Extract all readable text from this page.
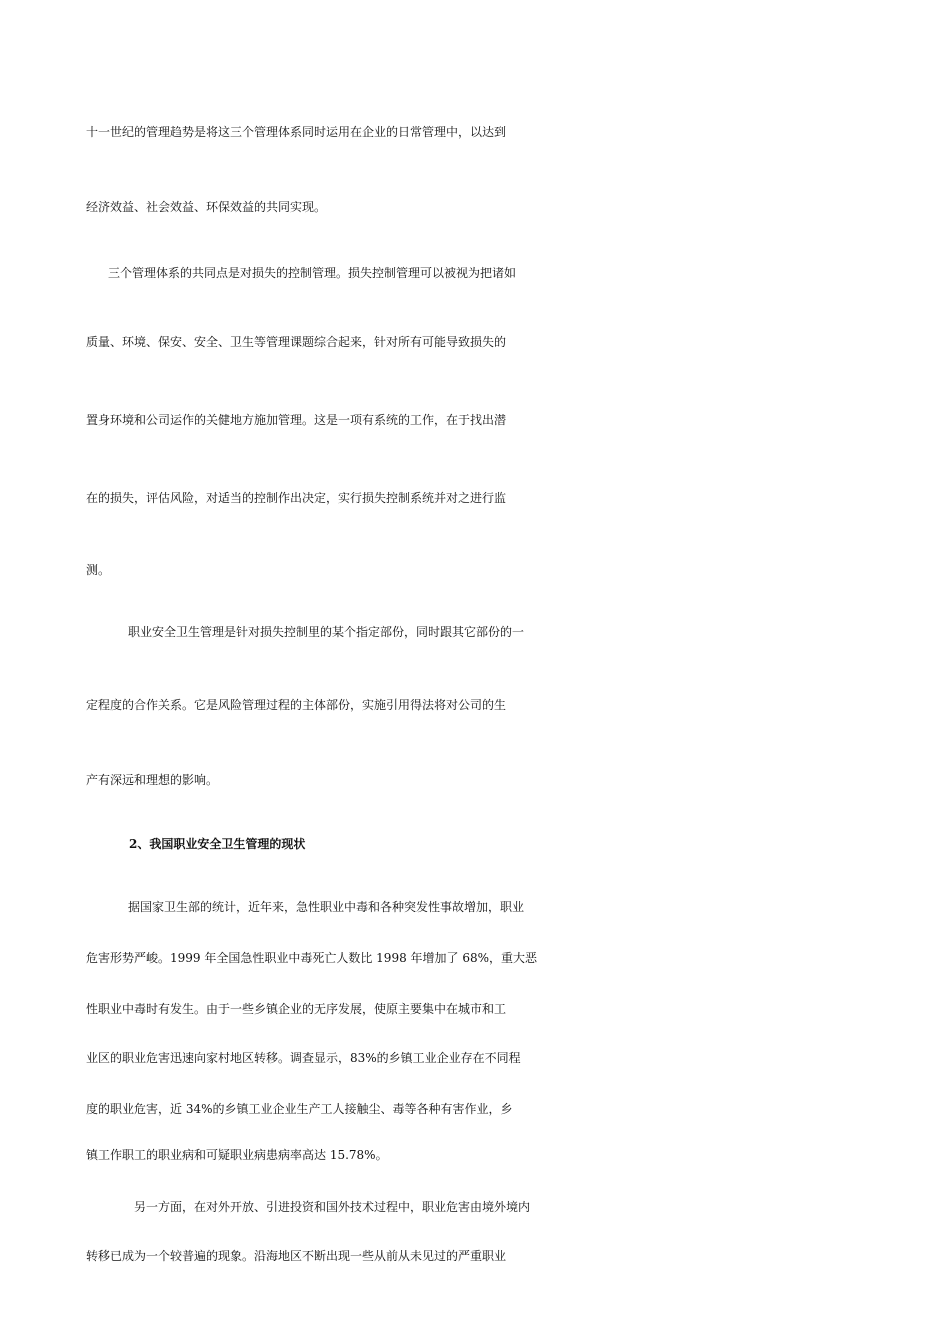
十一世纪的管理趋势是将这三个管理体系同时运用在企业的日常管理中，以达到

经济效益、社会效益、环保效益的共同实现。

三个管理体系的共同点是对损失的控制管理。损失控制管理可以被视为把诸如

质量、环境、保安、安全、卫生等管理课题综合起来，针对所有可能导致损失的

置身环境和公司运作的关健地方施加管理。这是一项有系统的工作，在于找出潜

在的损失，评估风险，对适当的控制作出决定，实行损失控制系统并对之进行监

测。

职业安全卫生管理是针对损失控制里的某个指定部份，同时跟其它部份的一

定程度的合作关系。它是风险管理过程的主体部份，实施引用得法将对公司的生

产有深远和理想的影响。

2、我国职业安全卫生管理的现状

据国家卫生部的统计，近年来，急性职业中毒和各种突发性事故增加，职业

危害形势严峻。1999 年全国急性职业中毒死亡人数比 1998 年增加了 68%，重大恶

性职业中毒时有发生。由于一些乡镇企业的无序发展，使原主要集中在城市和工

业区的职业危害迅速向家村地区转移。调查显示，83%的乡镇工业企业存在不同程

度的职业危害，近 34%的乡镇工业企业生产工人接触尘、毒等各种有害作业，乡

镇工作职工的职业病和可疑职业病患病率高达 15.78%。

另一方面，在对外开放、引进投资和国外技术过程中，职业危害由境外境内

转移已成为一个较普遍的现象。沿海地区不断出现一些从前从未见过的严重职业
